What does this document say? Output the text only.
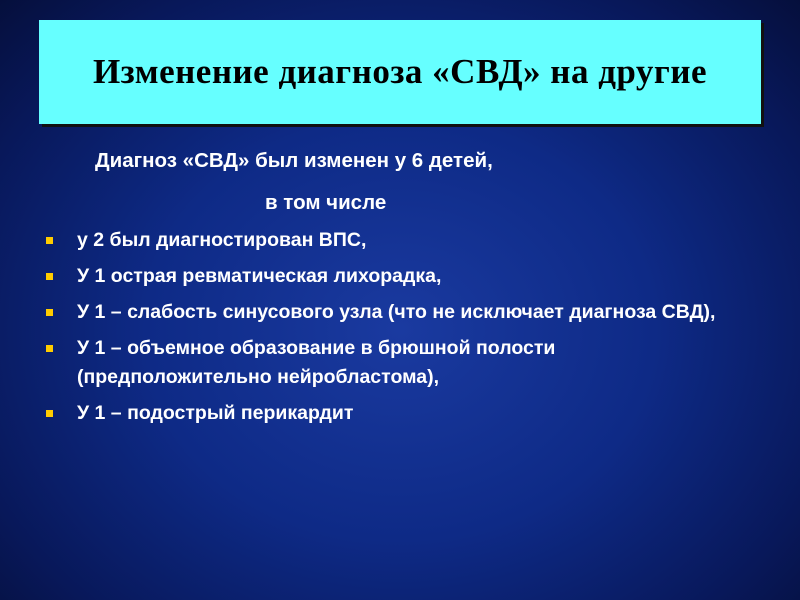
Изменение диагноза «СВД» на другие
Диагноз «СВД» был изменен у 6 детей,
в том числе
у 2 был диагностирован ВПС,
У 1 острая ревматическая лихорадка,
У 1 – слабость синусового узла (что не исключает диагноза СВД),
У 1 – объемное образование в брюшной полости (предположительно нейробластома),
У 1 – подострый перикардит
